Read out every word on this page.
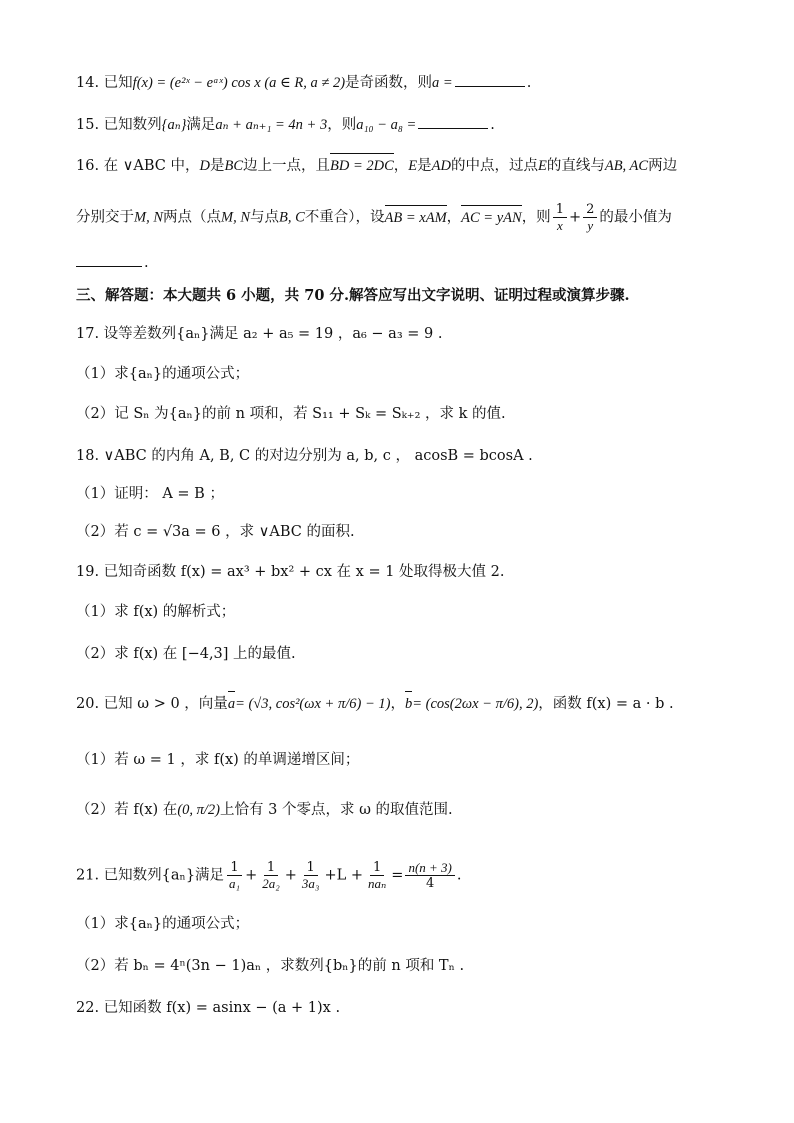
14. 已知f(x) = (e²ˣ − eᵃˣ) cos x (a ∈ R, a ≠ 2)是奇函数，则a =	.
15. 已知数列{aₙ}满足aₙ + aₙ₊₁ = 4n + 3，则a₁₀ − a₈ =	.
16. 在 ∨ABC 中，D是BC边上一点，且BD = 2DC，E是AD的中点，过点E的直线与AB, AC两边
分别交于M, N两点（点M, N与点B, C不重合），设AB = xAM，AC = yAN，则 $\frac{1}{x} + \frac{2}{y}$ 的最小值为
.
三、解答题：本大题共 6 小题，共 70 分.解答应写出文字说明、证明过程或演算步骤.
17. 设等差数列{aₙ}满足 a₂ + a₅ = 19 ，a₆ − a₃ = 9 .
（1）求{aₙ}的通项公式；
（2）记 Sₙ 为{aₙ}的前 n 项和，若 S₁₁ + Sₖ = Sₖ₊₂ ，求 k 的值.
18. ∨ABC 的内角 A, B, C 的对边分别为 a, b, c ， acosB = bcosA .
（1）证明： A = B ；
（2）若 c = √3a = 6 ，求 ∨ABC 的面积.
19. 已知奇函数 f(x) = ax³ + bx² + cx 在 x = 1 处取得极大值 2.
（1）求 f(x) 的解析式；
（2）求 f(x) 在 [−4,3] 上的最值.
20. 已知 ω > 0 ，向量a= (√3, cos²(ωx + π/6) − 1)，b= (cos(2ωx − π/6), 2)，函数 f(x) = a · b .
（1）若 ω = 1 ，求 f(x) 的单调递增区间；
（2）若 f(x) 在(0, π/2)上恰有 3 个零点，求 ω 的取值范围.
21. 已知数列{aₙ}满足 $\frac{1}{\text{a₁}} + \frac{1}{\text{2a₂}} + \frac{1}{\text{3a₃}} +L + \frac{1}{\text{naₙ}} = \frac{n(n + 3)}{4}$ .
（1）求{aₙ}的通项公式；
（2）若 bₙ = 4ⁿ(3n − 1)aₙ ，求数列{bₙ}的前 n 项和 Tₙ .
22. 已知函数 f(x) = asinx − (a + 1)x .
